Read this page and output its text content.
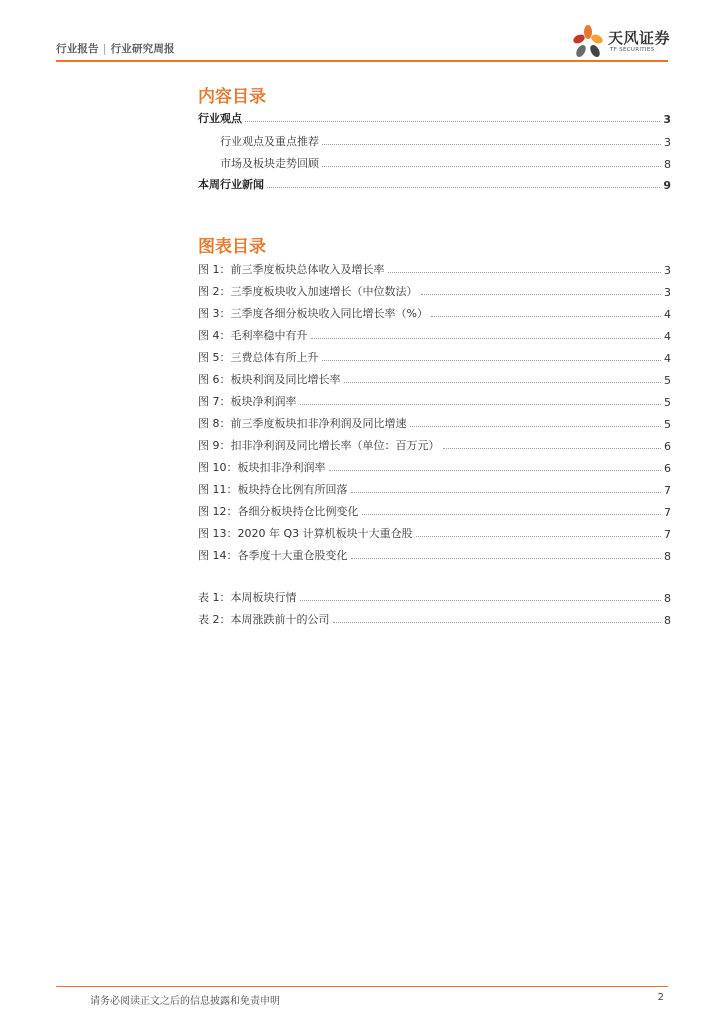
行业报告 | 行业研究周报
天风证券
TF SECURITIES
内容目录
行业观点	3
行业观点及重点推荐	3
市场及板块走势回顾	8
本周行业新闻	9
图表目录
图 1：前三季度板块总体收入及增长率	3
图 2：三季度板块收入加速增长（中位数法）	3
图 3：三季度各细分板块收入同比增长率（%）	4
图 4：毛利率稳中有升	4
图 5：三费总体有所上升	4
图 6：板块利润及同比增长率	5
图 7：板块净利润率	5
图 8：前三季度板块扣非净利润及同比增速	5
图 9：扣非净利润及同比增长率（单位：百万元）	6
图 10：板块扣非净利润率	6
图 11：板块持仓比例有所回落	7
图 12：各细分板块持仓比例变化	7
图 13：2020 年 Q3 计算机板块十大重仓股	7
图 14：各季度十大重仓股变化	8
表 1：本周板块行情	8
表 2：本周涨跌前十的公司	8
请务必阅读正文之后的信息披露和免责申明	2
